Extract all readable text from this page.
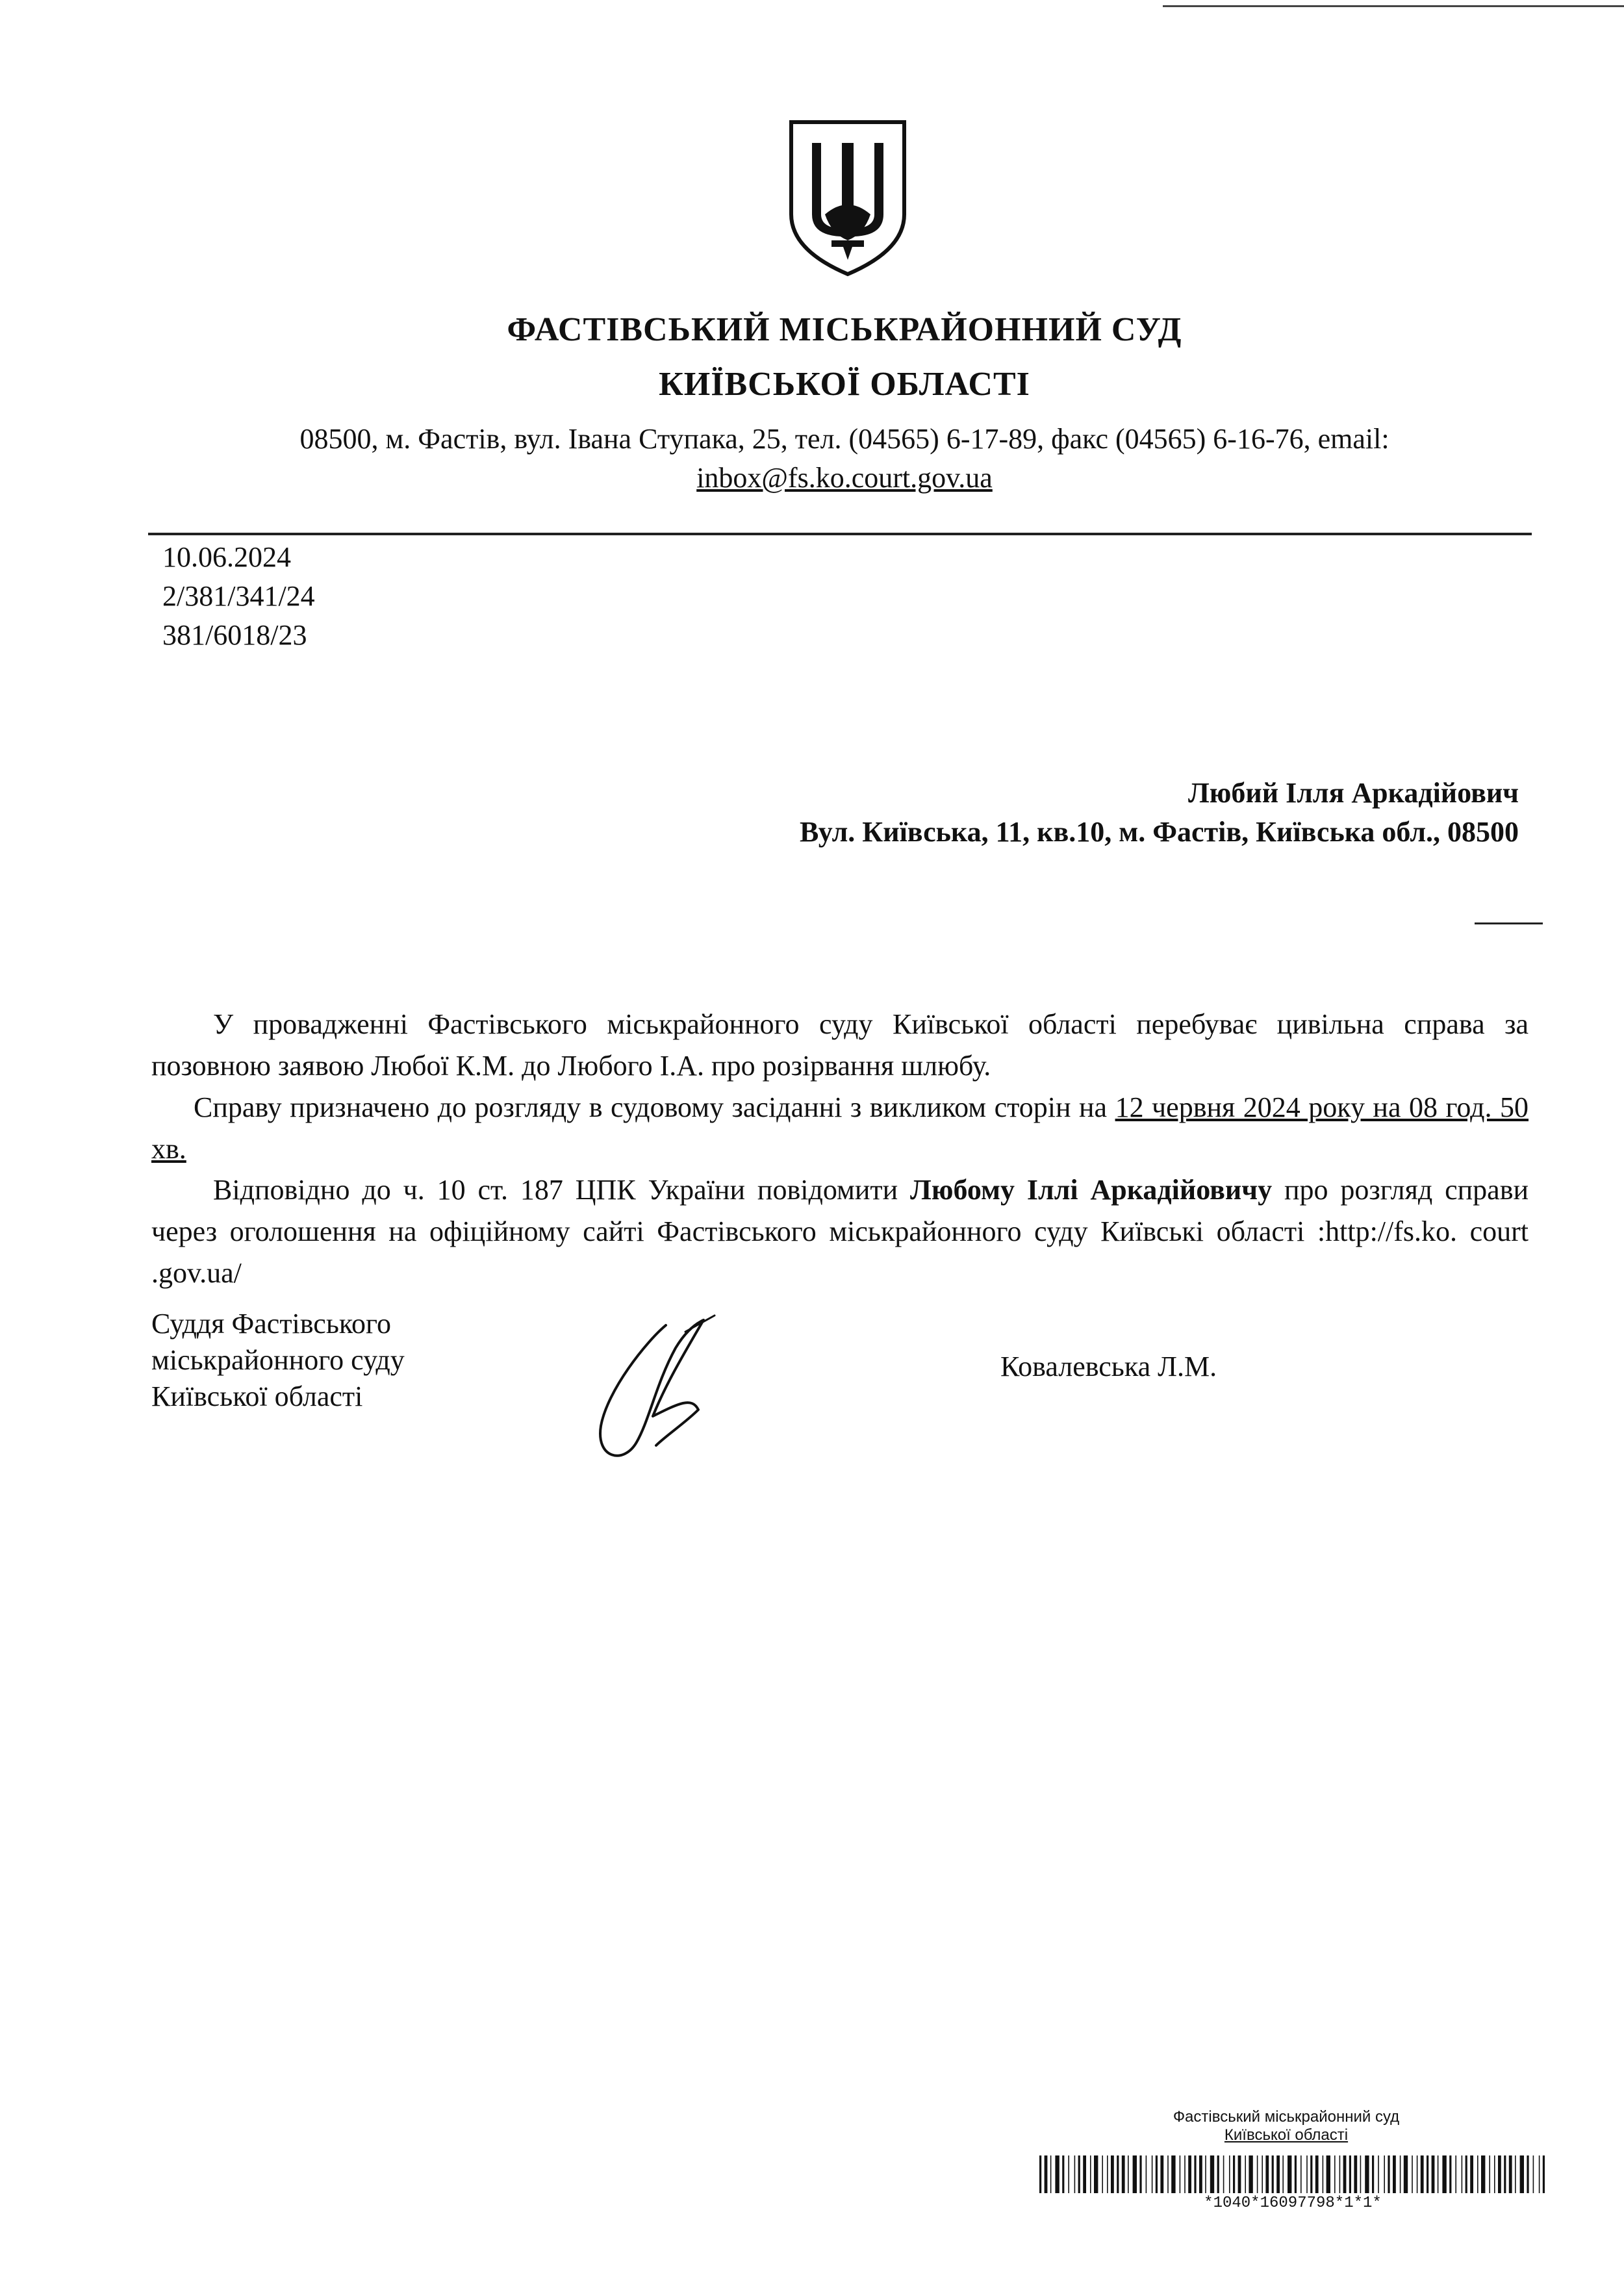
ФАСТІВСЬКИЙ МІСЬКРАЙОННИЙ СУД
КИЇВСЬКОЇ ОБЛАСТІ
08500, м. Фастів, вул. Івана Ступака, 25, тел. (04565) 6-17-89, факс (04565) 6-16-76, email:
inbox@fs.ko.court.gov.ua
10.06.2024
2/381/341/24
381/6018/23
Любий Ілля Аркадійович
Вул. Київська, 11, кв.10, м. Фастів, Київська обл., 08500
У провадженні Фастівського міськрайонного суду Київської області перебуває цивільна справа за позовною заявою Любої К.М. до Любого І.А. про розірвання шлюбу.
Справу призначено до розгляду в судовому засіданні з викликом сторін на 12 червня 2024 року на 08 год. 50 хв.
Відповідно до ч. 10 ст. 187 ЦПК України повідомити Любому Іллі Аркадійовичу про розгляд справи через оголошення на офіційному сайті Фастівського міськрайонного суду Київські області :http://fs.ko. court .gov.ua/
Суддя Фастівського
міськрайонного суду
Київської області
Ковалевська Л.М.
Фастівський міськрайонний суд
Київської області
*1040*16097798*1*1*
